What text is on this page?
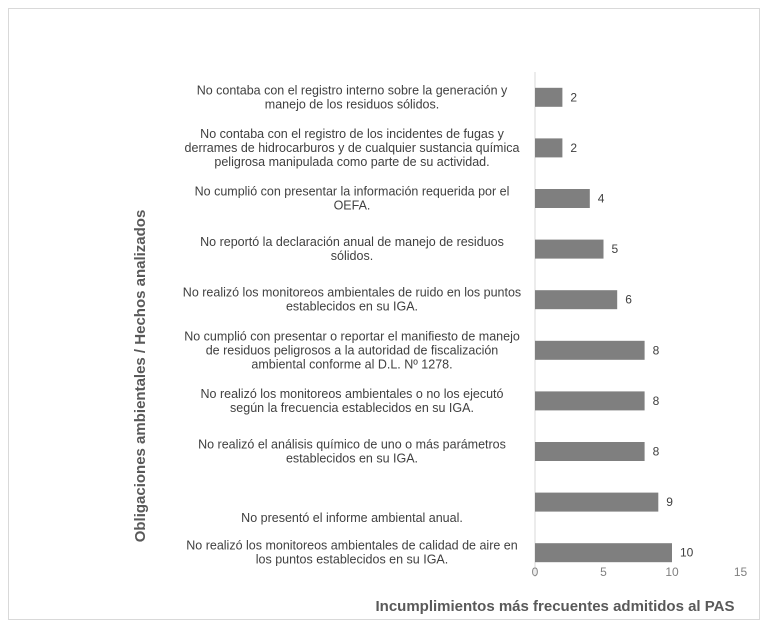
2
No contaba con el registro interno sobre la generación y manejo de los residuos sólidos.
2
No contaba con el registro de los incidentes de fugas y derrames de hidrocarburos y de cualquier sustancia química peligrosa manipulada como parte de su actividad.
4
No cumplió con presentar la información requerida por el OEFA.
5
No reportó la declaración anual de manejo de residuos sólidos.
6
No realizó los monitoreos ambientales de ruido en los puntos establecidos en su IGA.
8
No cumplió con presentar o reportar el manifiesto de manejo de residuos peligrosos a la autoridad de fiscalización ambiental conforme al D.L. Nº 1278.
8
No realizó los monitoreos ambientales o no los ejecutó según la frecuencia establecidos en su IGA.
8
No realizó el análisis químico de uno o más parámetros establecidos en su IGA.
9
No presentó el informe ambiental anual.
10
No realizó los monitoreos ambientales de calidad de aire en los puntos establecidos en su IGA.
0	5	10	15
Incumplimientos más frecuentes admitidos al PAS
Obligaciones ambientales / Hechos analizados
